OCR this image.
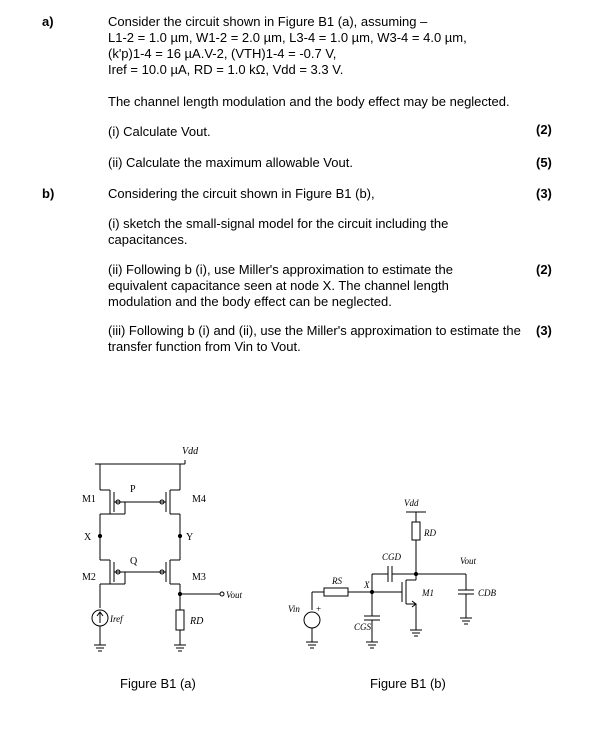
a)	Consider the circuit shown in Figure B1 (a), assuming –
L1-2 = 1.0 µm, W1-2 = 2.0 µm, L3-4 = 1.0 µm, W3-4 = 4.0 µm,
(k'p)1-4 = 16 µA.V-2, (VTH)1-4 = -0.7 V,
Iref = 10.0 µA, RD = 1.0 kΩ, Vdd = 3.3 V.
The channel length modulation and the body effect may be neglected.
(i) Calculate Vout.	(2)
(ii) Calculate the maximum allowable Vout.	(5)
b)	Considering the circuit shown in Figure B1 (b),	(3)
(i) sketch the small-signal model for the circuit including the capacitances.
(ii) Following b (i), use Miller's approximation to estimate the equivalent capacitance seen at node X. The channel length modulation and the body effect can be neglected.
(2)
(iii) Following b (i) and (ii), use the Miller's approximation to estimate the transfer function from Vin to Vout.
(3)
Vdd
M1
P
M4
Y
X
M2
Q
M3
Vout
Iref	RD
Figure B1 (a)
Vdd
RD
CGD	Vout
CDB
M1
X
RS
CGS
Vin +
Figure B1 (b)
